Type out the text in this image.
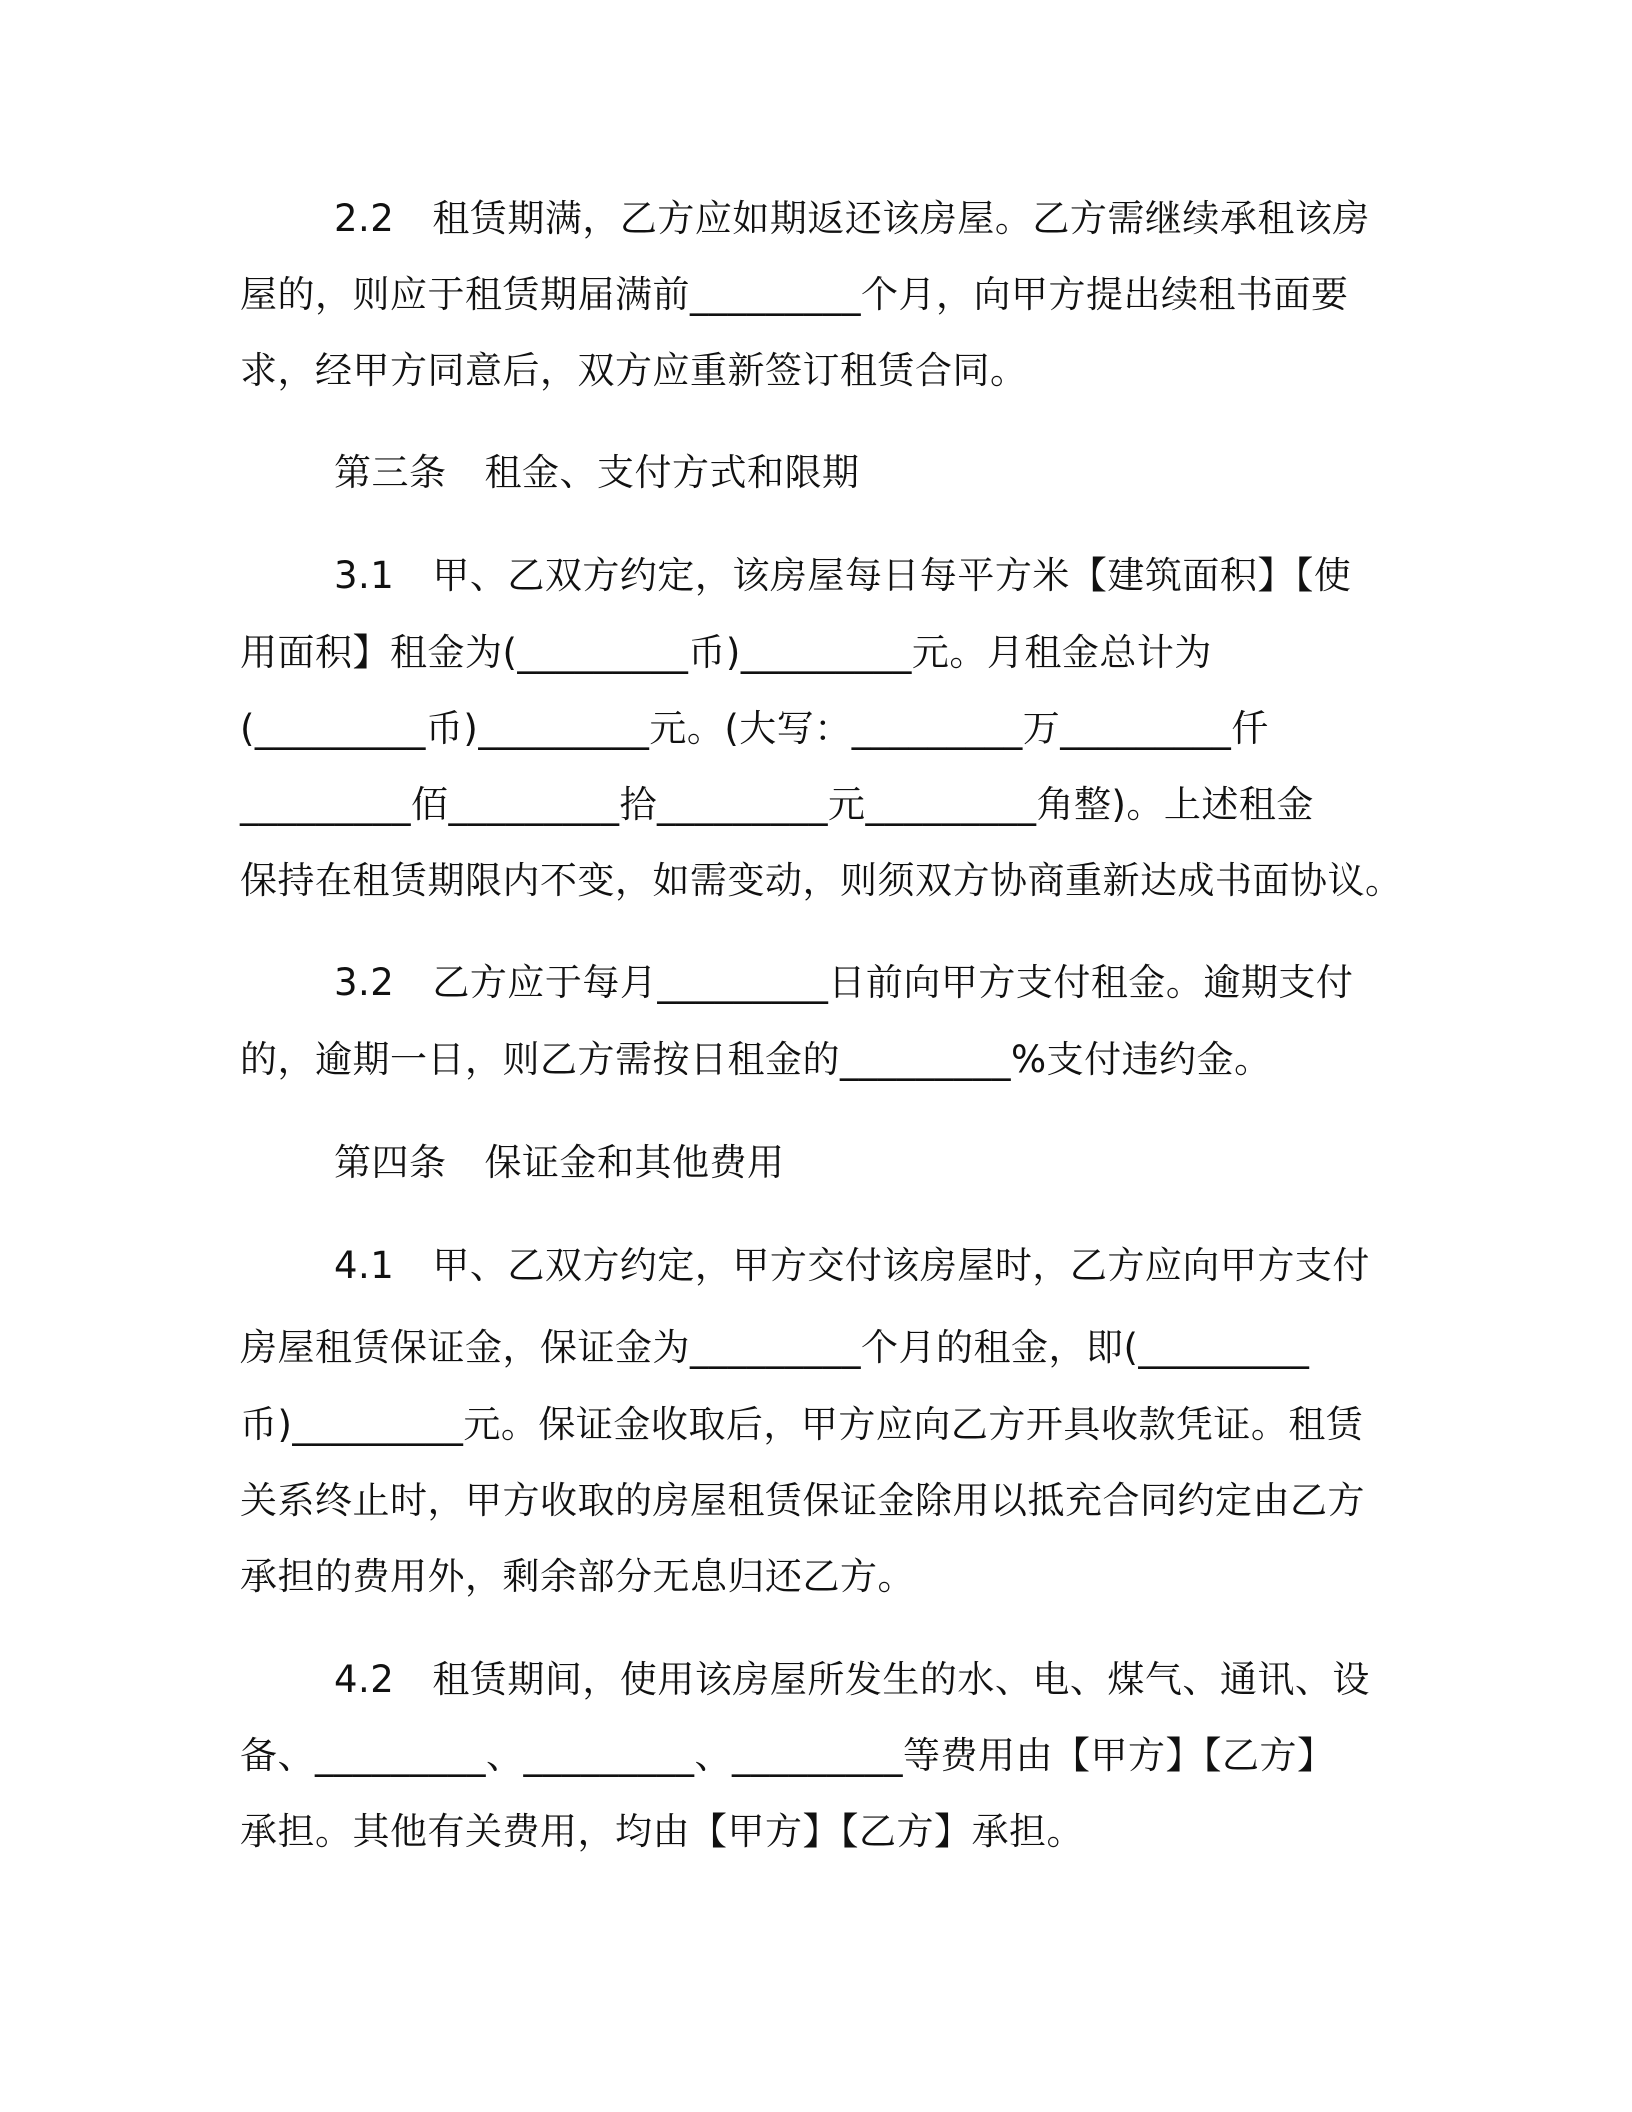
2.2 租赁期满，乙方应如期返还该房屋。乙方需继续承租该房
屋的，则应于租赁期届满前_________个月，向甲方提出续租书面要
求，经甲方同意后，双方应重新签订租赁合同。
第三条 租金、支付方式和限期
3.1 甲、乙双方约定，该房屋每日每平方米【建筑面积】【使
用面积】租金为(_________币)_________元。月租金总计为
(_________币)_________元。(大写：_________万_________仟
_________佰_________拾_________元_________角整)。上述租金
保持在租赁期限内不变，如需变动，则须双方协商重新达成书面协议。
3.2 乙方应于每月_________日前向甲方支付租金。逾期支付
的，逾期一日，则乙方需按日租金的_________%支付违约金。
第四条 保证金和其他费用
4.1 甲、乙双方约定，甲方交付该房屋时，乙方应向甲方支付
房屋租赁保证金，保证金为_________个月的租金，即(_________
币)_________元。保证金收取后，甲方应向乙方开具收款凭证。租赁
关系终止时，甲方收取的房屋租赁保证金除用以抵充合同约定由乙方
承担的费用外，剩余部分无息归还乙方。
4.2 租赁期间，使用该房屋所发生的水、电、煤气、通讯、设
备、_________、_________、_________等费用由【甲方】【乙方】
承担。其他有关费用，均由【甲方】【乙方】承担。
